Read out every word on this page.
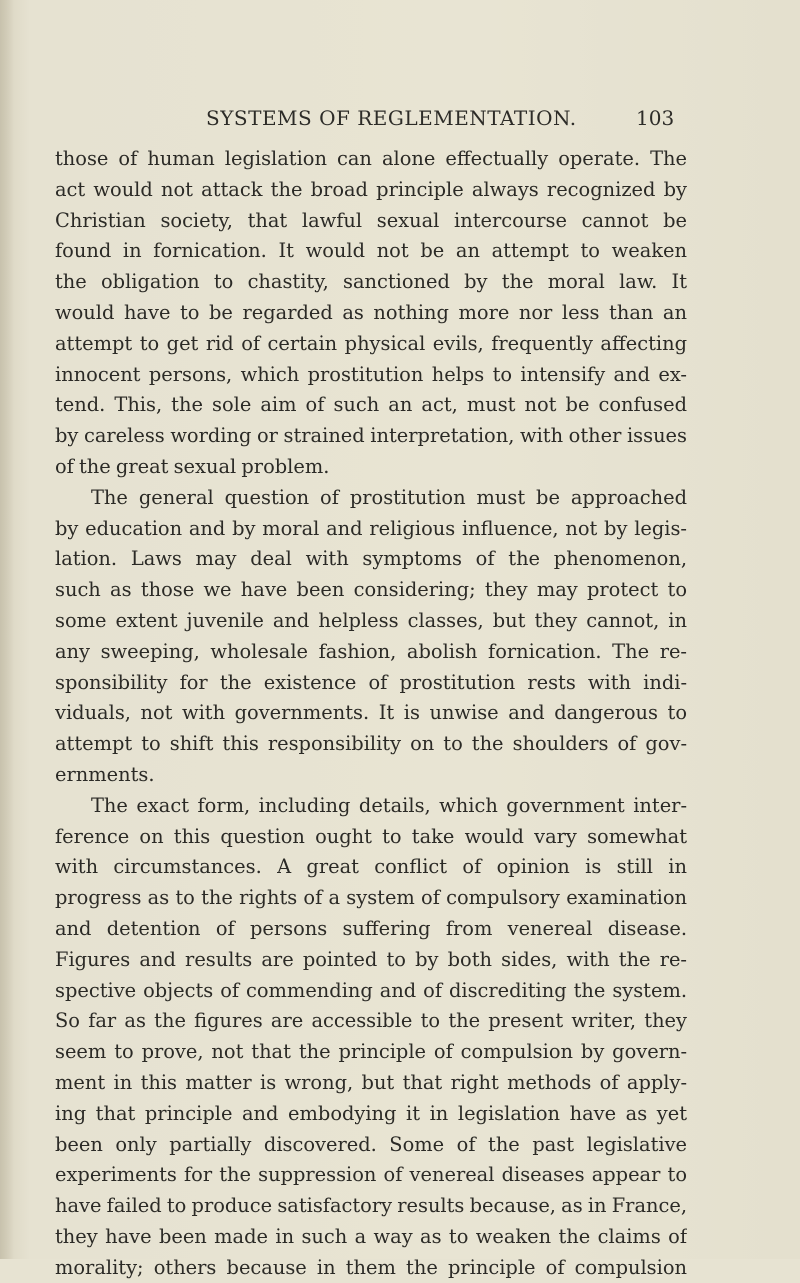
SYSTEMS OF REGLEMENTATION.	103
those of human legislation can alone effectually operate. The
act would not attack the broad principle always recognized by
Christian society, that lawful sexual intercourse cannot be
found in fornication. It would not be an attempt to weaken
the obligation to chastity, sanctioned by the moral law. It
would have to be regarded as nothing more nor less than an
attempt to get rid of certain physical evils, frequently affecting
innocent persons, which prostitution helps to intensify and ex-
tend. This, the sole aim of such an act, must not be confused
by careless wording or strained interpretation, with other issues
of the great sexual problem.
The general question of prostitution must be approached
by education and by moral and religious influence, not by legis-
lation. Laws may deal with symptoms of the phenomenon,
such as those we have been considering; they may protect to
some extent juvenile and helpless classes, but they cannot, in
any sweeping, wholesale fashion, abolish fornication. The re-
sponsibility for the existence of prostitution rests with indi-
viduals, not with governments. It is unwise and dangerous to
attempt to shift this responsibility on to the shoulders of gov-
ernments.
The exact form, including details, which government inter-
ference on this question ought to take would vary somewhat
with circumstances. A great conflict of opinion is still in
progress as to the rights of a system of compulsory examination
and detention of persons suffering from venereal disease.
Figures and results are pointed to by both sides, with the re-
spective objects of commending and of discrediting the system.
So far as the figures are accessible to the present writer, they
seem to prove, not that the principle of compulsion by govern-
ment in this matter is wrong, but that right methods of apply-
ing that principle and embodying it in legislation have as yet
been only partially discovered. Some of the past legislative
experiments for the suppression of venereal diseases appear to
have failed to produce satisfactory results because, as in France,
they have been made in such a way as to weaken the claims of
morality; others because in them the principle of compulsion
